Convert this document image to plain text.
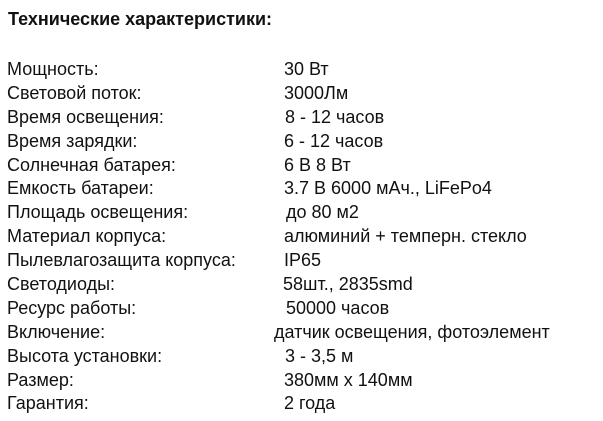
Технические характеристики:
Мощность:	30 Вт
Световой поток:	3000Лм
Время освещения:	8 - 12 часов
Время зарядки:	6 - 12 часов
Солнечная батарея:	6 В 8 Вт
Емкость батареи:	3.7 В 6000 мАч., LiFePo4
Площадь освещения:	до 80 м2
Материал корпуса:	алюминий + темперн. стекло
Пылевлагозащита корпуса:	IP65
Светодиоды:	58шт., 2835smd
Ресурс работы:	50000 часов
Включение:	датчик освещения, фотоэлемент
Высота установки:	3 - 3,5 м
Размер:	380мм х 140мм
Гарантия:	2 года
